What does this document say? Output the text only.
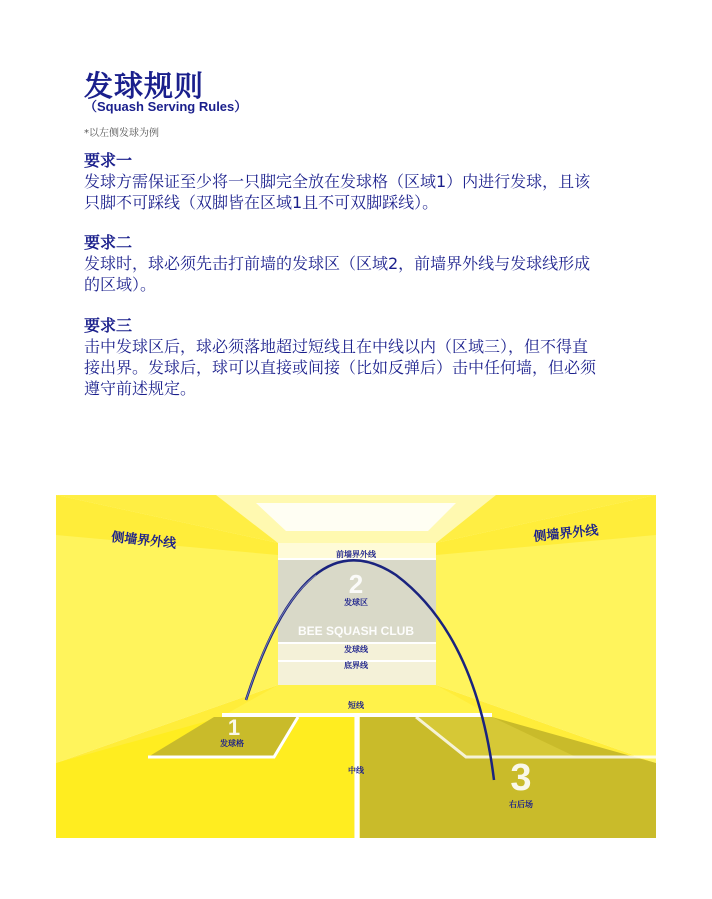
发球规则
（Squash Serving Rules）
*以左侧发球为例
要求一
发球方需保证至少将一只脚完全放在发球格（区域1）内进行发球，且该
只脚不可踩线（双脚皆在区域1且不可双脚踩线）。
要求二
发球时，球必须先击打前墙的发球区（区域2，前墙界外线与发球线形成
的区域）。
要求三
击中发球区后，球必须落地超过短线且在中线以内（区域三），但不得直
接出界。发球后，球可以直接或间接（比如反弹后）击中任何墙，但必须
遵守前述规定。
2
1
3
BEE SQUASH CLUB
侧墙界外线	侧墙界外线
前墙界外线
发球区
发球线
底界线
短线
发球格
中线
右后场
